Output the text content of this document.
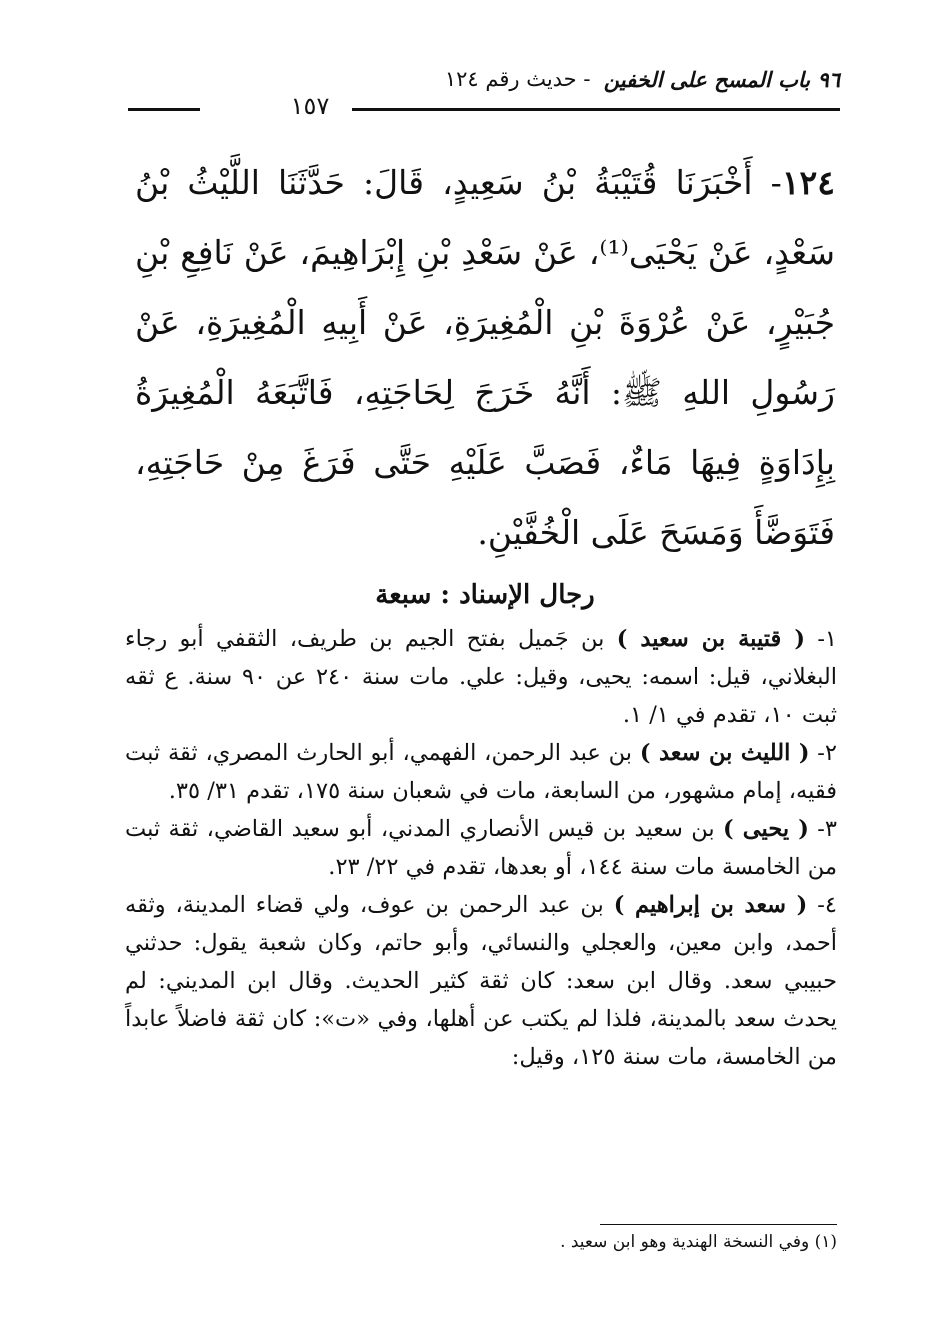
٩٦ باب المسح على الخفين

- حديث رقم ١٢٤
١٥٧
١٢٤- أَخْبَرَنَا قُتَيْبَةُ بْنُ سَعِيدٍ، قَالَ: حَدَّثَنَا اللَّيْثُ بْنُ سَعْدٍ، عَنْ يَحْيَى⁽¹⁾، عَنْ سَعْدِ بْنِ إِبْرَاهِيمَ، عَنْ نَافِعِ بْنِ جُبَيْرٍ، عَنْ عُرْوَةَ بْنِ الْمُغِيرَةِ، عَنْ أَبِيهِ الْمُغِيرَةِ، عَنْ رَسُولِ اللهِ ﷺ: أَنَّهُ خَرَجَ لِحَاجَتِهِ، فَاتَّبَعَهُ الْمُغِيرَةُ بِإِدَاوَةٍ فِيهَا مَاءٌ، فَصَبَّ عَلَيْهِ حَتَّى فَرَغَ مِنْ حَاجَتِهِ، فَتَوَضَّأَ وَمَسَحَ عَلَى الْخُفَّيْنِ.
رجال الإسناد : سبعة

١- ( قتيبة بن سعيد ) بن جَميل بفتح الجيم بن طريف، الثقفي أبو رجاء البغلاني، قيل: اسمه: يحيى، وقيل: علي. مات سنة ٢٤٠ عن ٩٠ سنة. ع ثقه ثبت ١٠، تقدم في ١/ ١.

٢- ( الليث بن سعد ) بن عبد الرحمن، الفهمي، أبو الحارث المصري، ثقة ثبت فقيه، إمام مشهور، من السابعة، مات في شعبان سنة ١٧٥، تقدم ٣١/ ٣٥.

٣- ( يحيى ) بن سعيد بن قيس الأنصاري المدني، أبو سعيد القاضي، ثقة ثبت من الخامسة مات سنة ١٤٤، أو بعدها، تقدم في ٢٢/ ٢٣.

٤- ( سعد بن إبراهيم ) بن عبد الرحمن بن عوف، ولي قضاء المدينة، وثقه أحمد، وابن معين، والعجلي والنسائي، وأبو حاتم، وكان شعبة يقول: حدثني حبيبي سعد. وقال ابن سعد: كان ثقة كثير الحديث. وقال ابن المديني: لم يحدث سعد بالمدينة، فلذا لم يكتب عن أهلها، وفي «ت»: كان ثقة فاضلاً عابداً من الخامسة، مات سنة ١٢٥، وقيل:

(١) وفي النسخة الهندية وهو ابن سعيد .
